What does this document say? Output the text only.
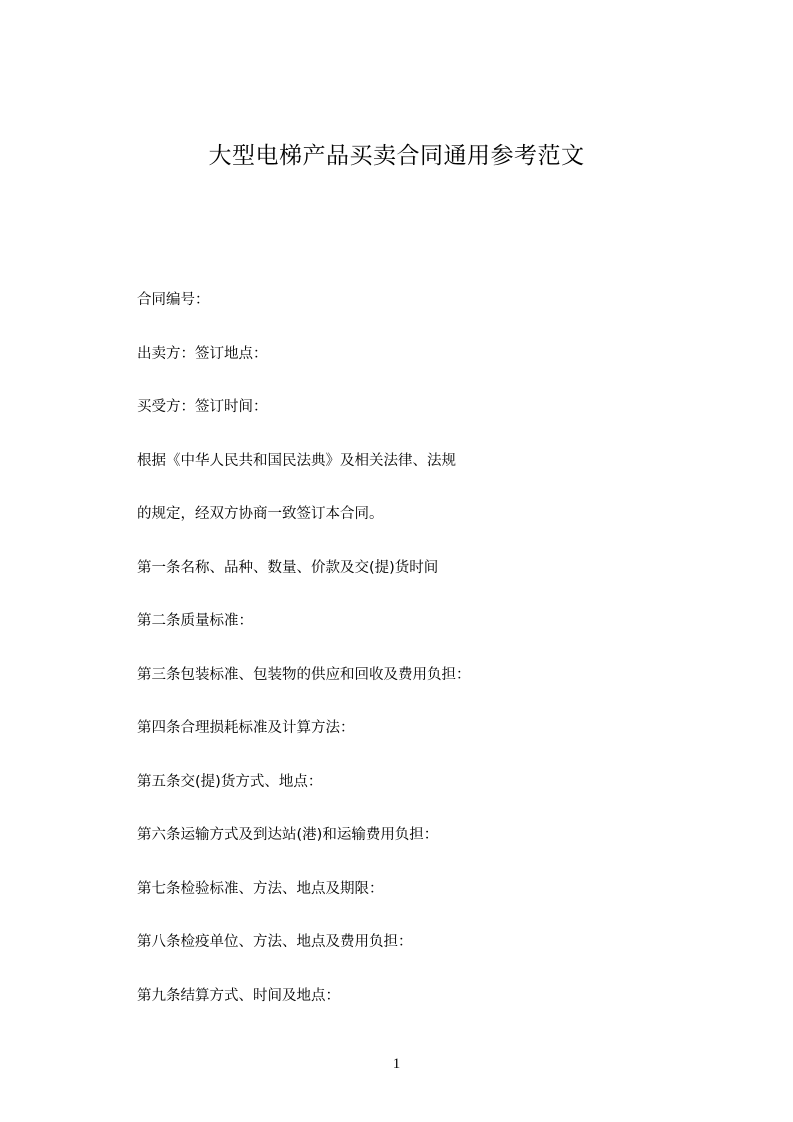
大型电梯产品买卖合同通用参考范文
合同编号：
出卖方：签订地点：
买受方：签订时间：
根据《中华人民共和国民法典》及相关法律、法规
的规定，经双方协商一致签订本合同。
第一条名称、品种、数量、价款及交(提)货时间
第二条质量标准：
第三条包装标准、包装物的供应和回收及费用负担：
第四条合理损耗标准及计算方法：
第五条交(提)货方式、地点：
第六条运输方式及到达站(港)和运输费用负担：
第七条检验标准、方法、地点及期限：
第八条检疫单位、方法、地点及费用负担：
第九条结算方式、时间及地点：
1
